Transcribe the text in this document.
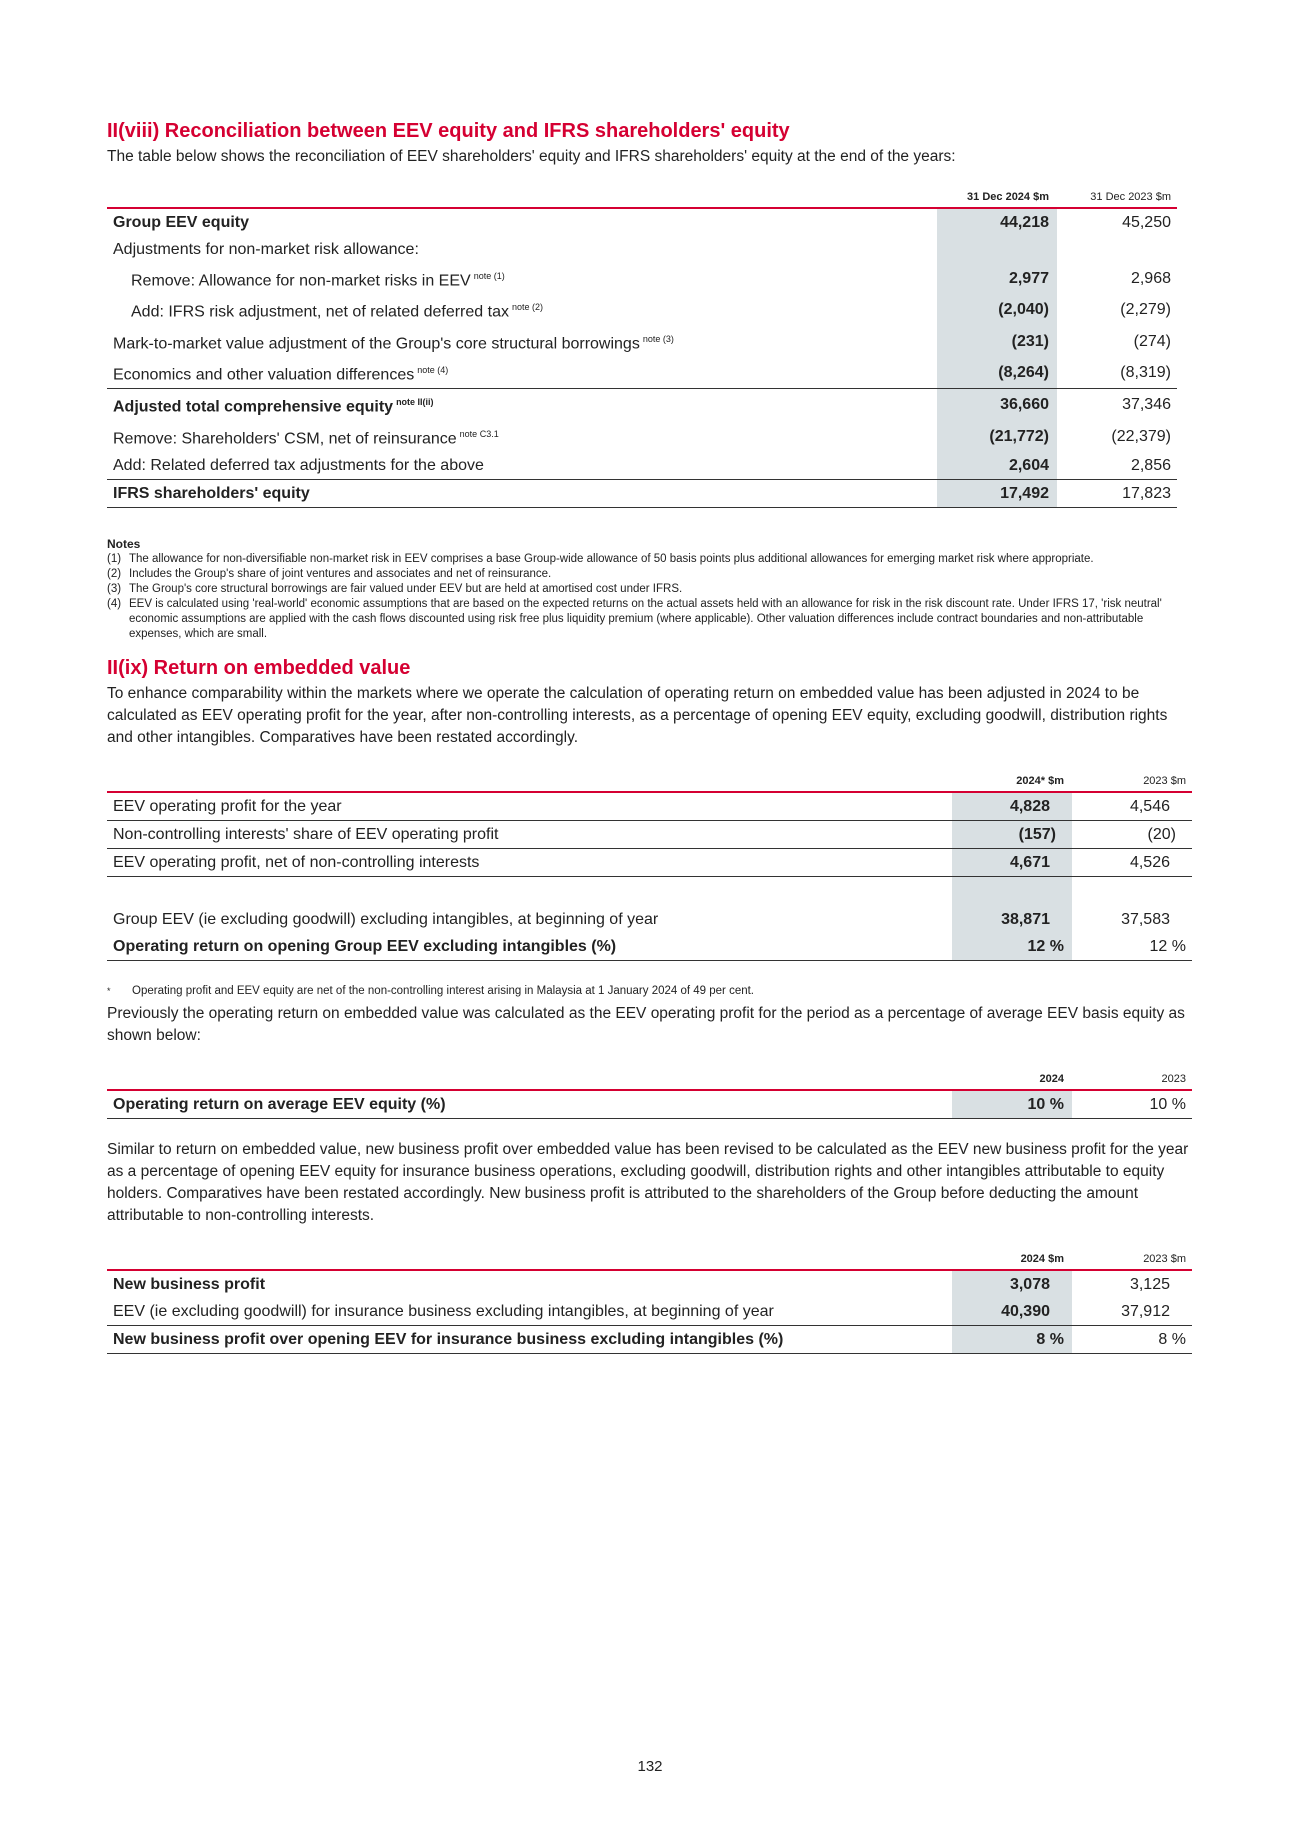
II(viii) Reconciliation between EEV equity and IFRS shareholders' equity

The table below shows the reconciliation of EEV shareholders' equity and IFRS shareholders' equity at the end of the years:

	31 Dec 2024 $m	31 Dec 2023 $m
Group EEV equity	44,218	45,250
Adjustments for non-market risk allowance:		
Remove: Allowance for non-market risks in EEV $^{note (1)}$	2,977	2,968
Add: IFRS risk adjustment, net of related deferred tax $^{note (2)}$	(2,040)	(2,279)
Mark-to-market value adjustment of the Group's core structural borrowings $^{note (3)}$	(231)	(274)
Economics and other valuation differences $^{note (4)}$	(8,264)	(8,319)
Adjusted total comprehensive equity $^{note II(ii)}$	36,660	37,346
Remove: Shareholders' CSM, net of reinsurance $^{note C3.1}$	(21,772)	(22,379)
Add: Related deferred tax adjustments for the above	2,604	2,856
IFRS shareholders' equity	17,492	17,823

Notes

(1) The allowance for non-diversifiable non-market risk in EEV comprises a base Group-wide allowance of 50 basis points plus additional allowances for emerging market risk where appropriate.
(2) Includes the Group's share of joint ventures and associates and net of reinsurance.
(3) The Group's core structural borrowings are fair valued under EEV but are held at amortised cost under IFRS.
(4) EEV is calculated using 'real-world' economic assumptions that are based on the expected returns on the actual assets held with an allowance for risk in the risk discount rate. Under IFRS 17, 'risk neutral' economic assumptions are applied with the cash flows discounted using risk free plus liquidity premium (where applicable). Other valuation differences include contract boundaries and non-attributable expenses, which are small.
II(ix) Return on embedded value

To enhance comparability within the markets where we operate the calculation of operating return on embedded value has been adjusted in 2024 to be calculated as EEV operating profit for the year, after non-controlling interests, as a percentage of opening EEV equity, excluding goodwill, distribution rights and other intangibles. Comparatives have been restated accordingly.

	2024* $m	2023 $m
EEV operating profit for the year	4,828	4,546
Non-controlling interests' share of EEV operating profit	(157)	(20)
EEV operating profit, net of non-controlling interests	4,671	4,526

Group EEV (ie excluding goodwill) excluding intangibles, at beginning of year	38,871	37,583
Operating return on opening Group EEV excluding intangibles (%)	12 %	12 %
*	Operating profit and EEV equity are net of the non-controlling interest arising in Malaysia at 1 January 2024 of 49 per cent.

Previously the operating return on embedded value was calculated as the EEV operating profit for the period as a percentage of average EEV basis equity as shown below:

	2024	2023
Operating return on average EEV equity (%)	10 %	10 %

Similar to return on embedded value, new business profit over embedded value has been revised to be calculated as the EEV new business profit for the year as a percentage of opening EEV equity for insurance business operations, excluding goodwill, distribution rights and other intangibles attributable to equity holders. Comparatives have been restated accordingly. New business profit is attributed to the shareholders of the Group before deducting the amount attributable to non-controlling interests.

	2024 $m	2023 $m
New business profit	3,078	3,125
EEV (ie excluding goodwill) for insurance business excluding intangibles, at beginning of year	40,390	37,912
New business profit over opening EEV for insurance business excluding intangibles (%)	8 %	8 %
132
